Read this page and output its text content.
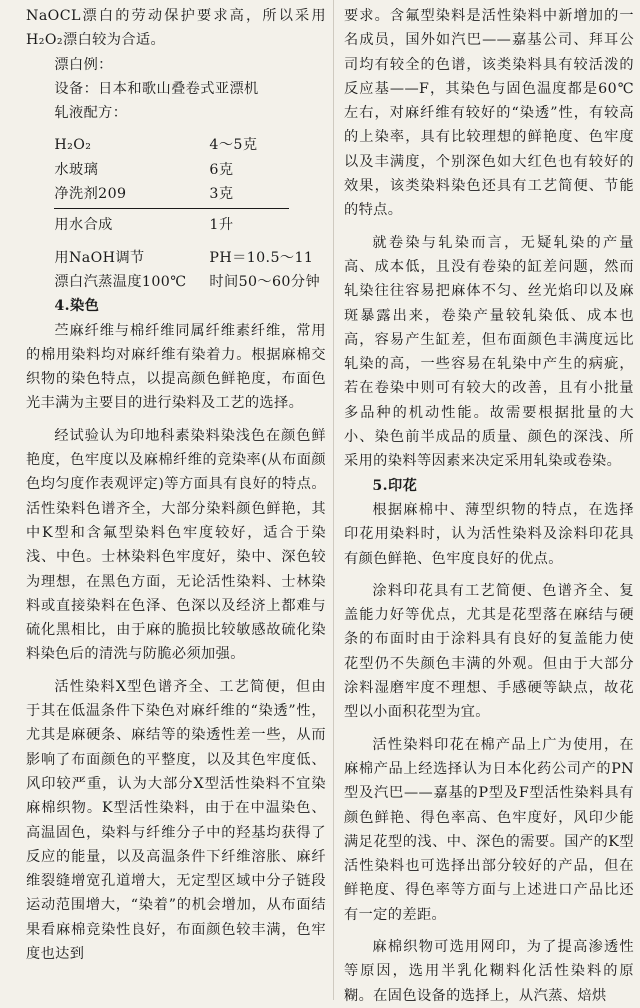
NaOCL漂白的劳动保护要求高，所以采用H₂O₂漂白较为合适。

漂白例：

设备：日本和歌山叠卷式亚漂机

轧液配方：

H₂O₂	4～5克
水玻璃	6克
净洗剂209	3克
用水合成	1升
用NaOH调节	PH＝10.5～11
漂白汽蒸温度100℃	时间50～60分钟

4.染色

苎麻纤维与棉纤维同属纤维素纤维，常用的棉用染料均对麻纤维有染着力。根据麻棉交织物的染色特点，以提高颜色鲜艳度，布面色光丰满为主要目的进行染料及工艺的选择。

经试验认为印地科素染料染浅色在颜色鲜艳度，色牢度以及麻棉纤维的竞染率(从布面颜色均匀度作表观评定)等方面具有良好的特点。活性染料色谱齐全，大部分染料颜色鲜艳，其中K型和含氟型染料色牢度较好，适合于染浅、中色。士林染料色牢度好，染中、深色较为理想，在黑色方面，无论活性染料、士林染料或直接染料在色泽、色深以及经济上都难与硫化黑相比，由于麻的脆损比较敏感故硫化染料染色后的清洗与防脆必须加强。

活性染料X型色谱齐全、工艺简便，但由于其在低温条件下染色对麻纤维的“染透”性，尤其是麻硬条、麻结等的染透性差一些，从而影响了布面颜色的平整度，以及其色牢度低、风印较严重，认为大部分X型活性染料不宜染麻棉织物。K型活性染料，由于在中温染色、高温固色，染料与纤维分子中的羟基均获得了反应的能量，以及高温条件下纤维溶胀、麻纤维裂缝增宽孔道增大，无定型区域中分子链段运动范围增大，“染着”的机会增加，从布面结果看麻棉竞染性良好，布面颜色较丰满，色牢度也达到

要求。含氟型染料是活性染料中新增加的一名成员，国外如汽巴——嘉基公司、拜耳公司均有较全的色谱，该类染料具有较活泼的反应基——F，其染色与固色温度都是60℃左右，对麻纤维有较好的“染透”性，有较高的上染率，具有比较理想的鲜艳度、色牢度以及丰满度，个别深色如大红色也有较好的效果，该类染料染色还具有工艺简便、节能的特点。

就卷染与轧染而言，无疑轧染的产量高、成本低，且没有卷染的缸差问题，然而轧染往往容易把麻体不匀、丝光焰印以及麻斑暴露出来，卷染产量较轧染低、成本也高，容易产生缸差，但布面颜色丰满度远比轧染的高，一些容易在轧染中产生的病疵，若在卷染中则可有较大的改善，且有小批量多品种的机动性能。故需要根据批量的大小、染色前半成品的质量、颜色的深浅、所采用的染料等因素来决定采用轧染或卷染。

5.印花

根据麻棉中、薄型织物的特点，在选择印花用染料时，认为活性染料及涂料印花具有颜色鲜艳、色牢度良好的优点。

涂料印花具有工艺简便、色谱齐全、复盖能力好等优点，尤其是花型落在麻结与硬条的布面时由于涂料具有良好的复盖能力使花型仍不失颜色丰满的外观。但由于大部分涂料湿磨牢度不理想、手感硬等缺点，故花型以小面积花型为宜。

活性染料印花在棉产品上广为使用，在麻棉产品上经选择认为日本化药公司产的PN型及汽巴——嘉基的P型及F型活性染料具有颜色鲜艳、得色率高、色牢度好，风印少能满足花型的浅、中、深色的需要。国产的K型活性染料也可选择出部分较好的产品，但在鲜艳度、得色率等方面与上述进口产品比还有一定的差距。

麻棉织物可选用网印，为了提高渗透性等原因，选用半乳化糊料化活性染料的原糊。在固色设备的选择上，从汽蒸、焙烘
